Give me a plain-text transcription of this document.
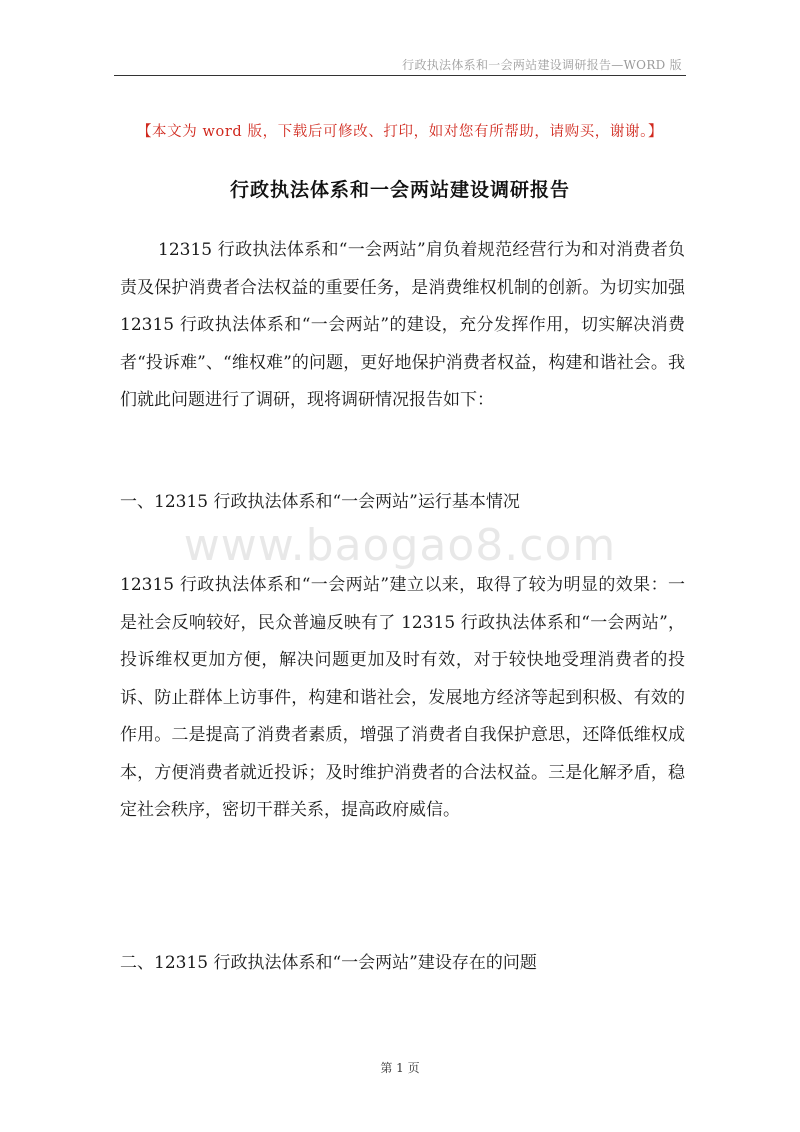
行政执法体系和一会两站建设调研报告—WORD 版
【本文为 word 版，下载后可修改、打印，如对您有所帮助，请购买，谢谢。】
行政执法体系和一会两站建设调研报告

12315 行政执法体系和“一会两站”肩负着规范经营行为和对消费者负责及保护消费者合法权益的重要任务，是消费维权机制的创新。为切实加强 12315 行政执法体系和“一会两站”的建设，充分发挥作用，切实解决消费者“投诉难”、“维权难”的问题，更好地保护消费者权益，构建和谐社会。我们就此问题进行了调研，现将调研情况报告如下：

一、12315 行政执法体系和“一会两站”运行基本情况

www.baogao8.com

12315 行政执法体系和“一会两站”建立以来，取得了较为明显的效果：一是社会反响较好，民众普遍反映有了 12315 行政执法体系和“一会两站”，投诉维权更加方便，解决问题更加及时有效，对于较快地受理消费者的投诉、防止群体上访事件，构建和谐社会，发展地方经济等起到积极、有效的作用。二是提高了消费者素质，增强了消费者自我保护意思，还降低维权成本，方便消费者就近投诉；及时维护消费者的合法权益。三是化解矛盾，稳定社会秩序，密切干群关系，提高政府威信。

二、12315 行政执法体系和“一会两站”建设存在的问题

第 1 页
